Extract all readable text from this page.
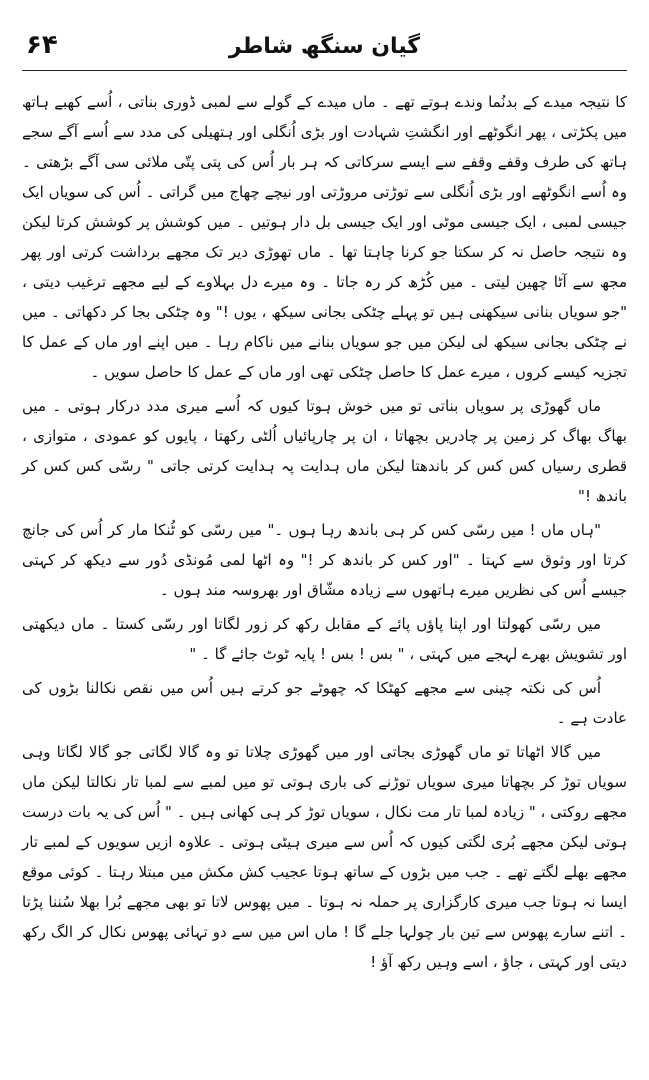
گیان سنگھ شاطر
۶۴

کا نتیجہ میدے کے بدنُما وندے ہوتے تھے ۔ ماں میدے کے گولے سے لمبی ڈوری بناتی ، اُسے کھبے ہاتھ میں پکڑتی ، پھر انگوٹھے اور انگشتِ شہادت اور بڑی اُنگلی اور ہتھیلی کی مدد سے اُسے آگے سجے ہاتھ کی طرف وقفے وقفے سے ایسے سرکاتی کہ ہر بار اُس کی پتی پتّی ملائی سی آگے بڑھتی ۔ وہ اُسے انگوٹھے اور بڑی اُنگلی سے توڑتی مروڑتی اور نیچے چھاج میں گراتی ۔ اُس کی سویاں ایک جیسی لمبی ، ایک جیسی موٹی اور ایک جیسی بل دار ہوتیں ۔ میں کوشش پر کوشش کرتا لیکن وہ نتیجہ حاصل نہ کر سکتا جو کرنا چاہتا تھا ۔ ماں تھوڑی دیر تک مجھے برداشت کرتی اور پھر مجھ سے آٹا چھین لیتی ۔ میں کُڑھ کر رہ جاتا ۔ وہ میرے دل بہلاوے کے لیے مجھے ترغیب دیتی ، "جو سویاں بنانی سیکھنی ہیں تو پہلے چٹکی بجانی سیکھ ، یوں !" وہ چٹکی بجا کر دکھاتی ۔ میں نے چٹکی بجانی سیکھ لی لیکن میں جو سویاں بنانے میں ناکام رہا ۔ میں اپنے اور ماں کے عمل کا تجزیہ کیسے کروں ، میرے عمل کا حاصل چٹکی تھی اور ماں کے عمل کا حاصل سویں ۔

ماں گھوڑی پر سویاں بناتی تو میں خوش ہوتا کیوں کہ اُسے میری مدد درکار ہوتی ۔ میں بھاگ بھاگ کر زمین پر چادریں بچھاتا ، ان پر چارپائیاں اُلٹی رکھتا ، پایوں کو عمودی ، متوازی ، قطری رسیاں کس کس کر باندھتا لیکن ماں ہدایت پہ ہدایت کرتی جاتی " رسّی کس کس کر باندھ !"

"ہاں ماں ! میں رسّی کس کر ہی باندھ رہا ہوں ۔" میں رسّی کو ٹُنکا مار کر اُس کی جانچ کرتا اور وثوق سے کہتا ۔ "اور کس کر باندھ کر !" وہ اٹھا لمی مُونڈی دُور سے دیکھ کر کہتی جیسے اُس کی نظریں میرے ہاتھوں سے زیادہ مشّاق اور بھروسہ مند ہوں ۔

میں رسّی کھولتا اور اپنا پاؤں پائے کے مقابل رکھ کر زور لگاتا اور رسّی کستا ۔ ماں دیکھتی اور تشویش بھرے لہجے میں کہتی ، " بس ! بس ! پایہ ٹوٹ جائے گا ۔ "

اُس کی نکتہ چینی سے مجھے کھٹکا کہ چھوٹے جو کرتے ہیں اُس میں نقص نکالنا بڑوں کی عادت ہے ۔

میں گالا اٹھاتا تو ماں گھوڑی بجاتی اور میں گھوڑی چلاتا تو وہ گالا لگاتی جو گالا لگاتا وہی سویاں توڑ کر بچھاتا میری سویاں توڑنے کی باری ہوتی تو میں لمبے سے لمبا تار نکالتا لیکن ماں مجھے روکتی ، " زیادہ لمبا تار مت نکال ، سویاں توڑ کر ہی کھانی ہیں ۔ " اُس کی یہ بات درست ہوتی لیکن مجھے بُری لگتی کیوں کہ اُس سے میری ہیٹی ہوتی ۔ علاوہ ازیں سویوں کے لمبے تار مجھے بھلے لگتے تھے ۔ جب میں بڑوں کے ساتھ ہوتا عجیب کش مکش میں مبتلا رہتا ۔ کوئی موقع ایسا نہ ہوتا جب میری کارگزاری پر حملہ نہ ہوتا ۔ میں پھوس لاتا تو بھی مجھے بُرا بھلا سُننا پڑتا ۔ اتنے سارے پھوس سے تین بار چولہا جلے گا ! ماں اس میں سے دو تہائی پھوس نکال کر الگ رکھ دیتی اور کہتی ، جاؤ ، اسے وہیں رکھ آؤ !
